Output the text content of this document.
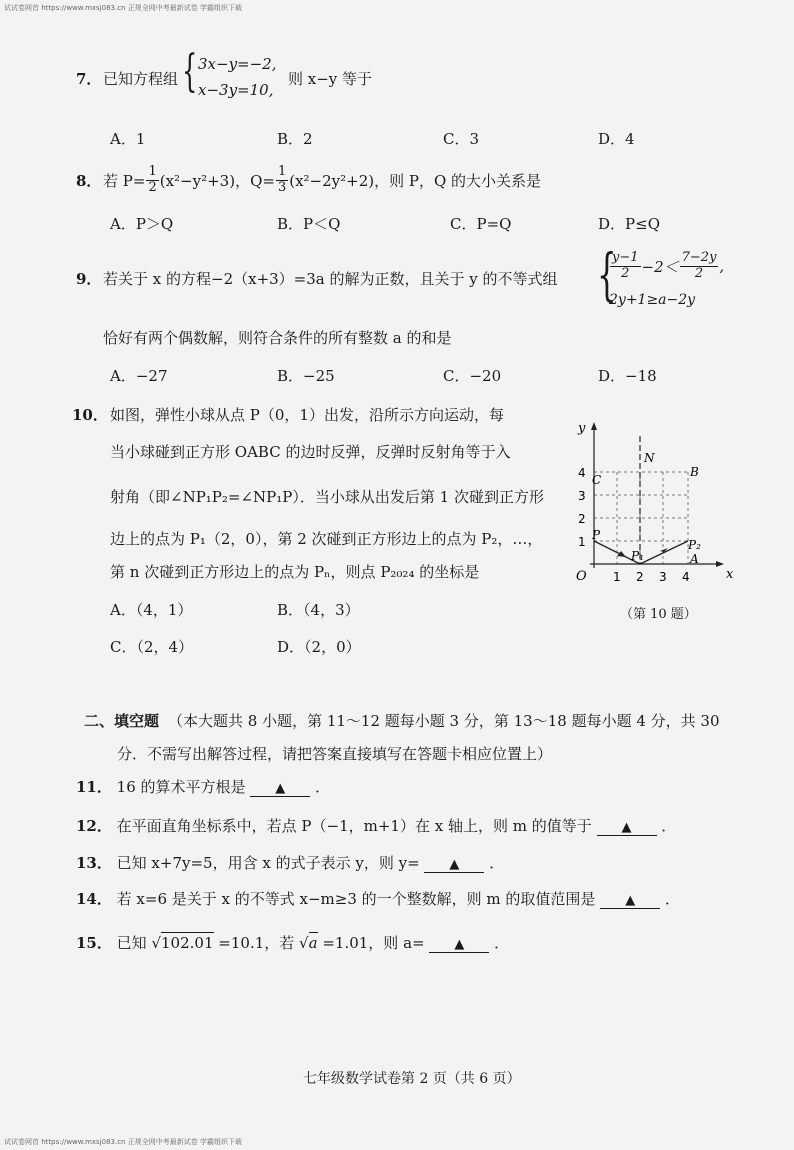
试试卷网首 https://www.mxsj083.cn 正规全网中考最新试卷 学霸组织下载
7． 已知方程组 { 3x−y=−2,
x−3y=10,
则 x−y 等于
A．1	B．2	C．3	D．4
8． 若 $P= \frac{1}{2} (x^2-y^2+3)$，$Q= \frac{1}{3} (x^2-2y^2+2)$，则 P，Q 的大小关系是
A．P＞Q	B．P＜Q	C．P=Q	D．P≤Q
9． 若关于 x 的方程−2（x+3）=3a 的解为正数，且关于 y 的不等式组 {
$\frac{y-1}{2} -2< \frac{7-2y}{2}$ ,
2y+1≥a−2y
恰好有两个偶数解，则符合条件的所有整数 a 的和是
A．−27	B．−25	C．−20	D．−18
10． 如图，弹性小球从点 P（0，1）出发，沿所示方向运动，每
当小球碰到正方形 OABC 的边时反弹，反弹时反射角等于入
射角（即∠NP₁P₂=∠NP₁P）．当小球从出发后第 1 次碰到正方形
边上的点为 P₁（2，0），第 2 次碰到正方形边上的点为 P₂，…，
第 n 次碰到正方形边上的点为 Pₙ，则点 P₂₀₂₄ 的坐标是
A．（4，1）	B．（4，3）
C．（2，4）	D．（2，0）
y
x
O 1 2 3 4
1
2
3
4
P
P₁
P₂
A
B
C
N
（第 10 题）
二、填空题 （本大题共 8 小题，第 11～12 题每小题 3 分，第 13～18 题每小题 4 分，共 30
分．不需写出解答过程，请把答案直接填写在答题卡相应位置上）
11． 16 的算术平方根是 ▲ ．
12． 在平面直角坐标系中，若点 P（−1，m+1）在 x 轴上，则 m 的值等于 ▲ ．
13． 已知 x+7y=5，用含 x 的式子表示 y，则 y= ▲ ．
14． 若 x=6 是关于 x 的不等式 x−m≥3 的一个整数解，则 m 的取值范围是 ▲ ．
15． 已知 √102.01 =10.1，若 √a =1.01，则 a= ▲ ．
七年级数学试卷第 2 页（共 6 页）
试试卷网首 https://www.mxsj083.cn 正规全网中考最新试卷 学霸组织下载
